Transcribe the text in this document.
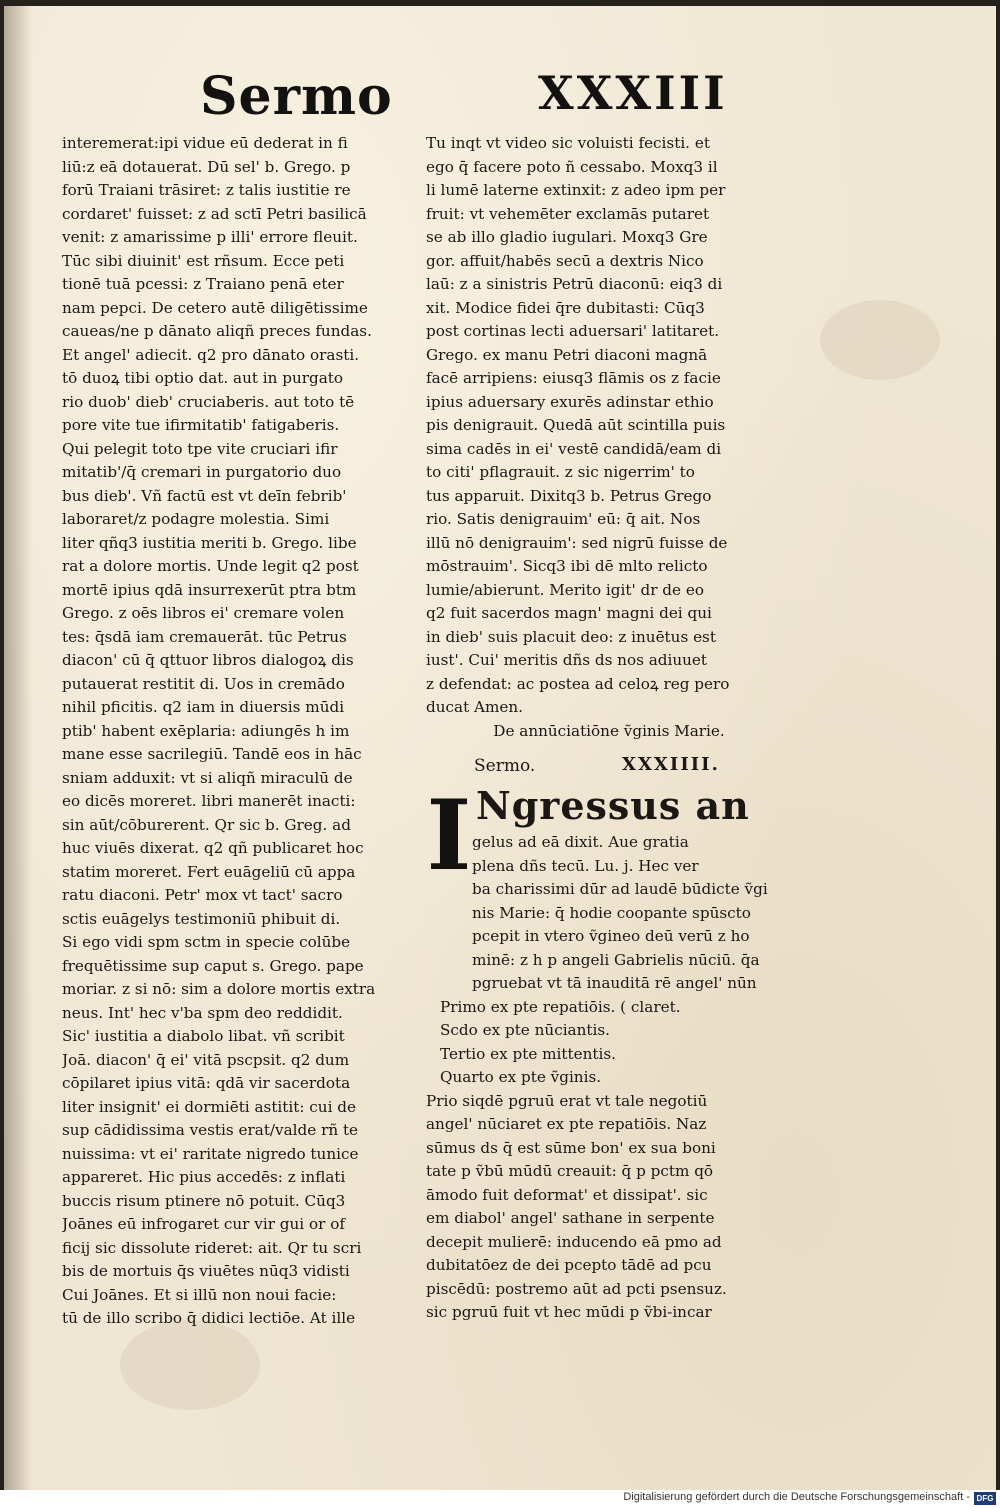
Sermo	XXXIII
interemerat:ipi vidue eū dederat in fi
liū:z eā dotauerat. Dū sel' b. Grego. p
forū Traiani trāsiret: z talis iustitie re
cordaret' fuisset: z ad sctī Petri basilicā
venit: z amarissime p illi' errore fleuit.
Tūc sibi diuinit' est rñsum. Ecce peti
tionē tuā pcessi: z Traiano penā eter
nam pepci. De cetero autē diligētissime
caueas/ne p dānato aliqñ preces fundas.
Et angel' adiecit. q2 pro dānato orasti.
tō duoꝝ tibi optio dat. aut in purgato
rio duob' dieb' cruciaberis. aut toto tē
pore vite tue ifirmitatib' fatigaberis.
Qui pelegit toto tpe vite cruciari ifir
mitatib'/q̄ cremari in purgatorio duo
bus dieb'. Vñ factū est vt deīn febrib'
laboraret/z podagre molestia. Simi
liter qñq3 iustitia meriti b. Grego. libe
rat a dolore mortis. Unde legit q2 post
mortē ipius qdā insurrexerūt ptra btm
Grego. z oēs libros ei' cremare volen
tes: q̄sdā iam cremauerāt. tūc Petrus
diacon' cū q̄ qttuor libros dialogoꝝ dis
putauerat restitit di. Uos in cremādo
nihil pficitis. q2 iam in diuersis mūdi
ptib' habent exēplaria: adiungēs h im
mane esse sacrilegiū. Tandē eos in hāc
sniam adduxit: vt si aliqñ miraculū de
eo dicēs moreret. libri manerēt inacti:
sin aūt/cōburerent. Qr sic b. Greg. ad
huc viuēs dixerat. q2 qñ publicaret hoc
statim moreret. Fert euāgeliū cū appa
ratu diaconi. Petr' mox vt tact' sacro
sctis euāgelys testimoniū phibuit di.
Si ego vidi spm sctm in specie colūbe
frequētissime sup caput s. Grego. pape
moriar. z si nō: sim a dolore mortis extra
neus. Int' hec v'ba spm deo reddidit.
Sic' iustitia a diabolo libat. vñ scribit
Joā. diacon' q̄ ei' vitā pscpsit. q2 dum
cōpilaret ipius vitā: qdā vir sacerdota
liter insignit' ei dormiēti astitit: cui de
sup cādidissima vestis erat/valde rñ te
nuissima: vt ei' raritate nigredo tunice
appareret. Hic pius accedēs: z inflati
buccis risum ptinere nō potuit. Cūq3
Joānes eū infrogaret cur vir gui or of
ficij sic dissolute rideret: ait. Qr tu scri
bis de mortuis q̄s viuētes nūq3 vidisti
Cui Joānes. Et si illū non noui facie:
tū de illo scribo q̄ didici lectiōe. At ille
Tu inqt vt video sic voluisti fecisti. et
ego q̄ facere poto ñ cessabo. Moxq3 il
li lumē laterne extinxit: z adeo ipm per
fruit: vt vehemēter exclamās putaret
se ab illo gladio iugulari. Moxq3 Gre
gor. affuit/habēs secū a dextris Nico
laū: z a sinistris Petrū diaconū: eiq3 di
xit. Modice fidei q̄re dubitasti: Cūq3
post cortinas lecti aduersari' latitaret.
Grego. ex manu Petri diaconi magnā
facē arripiens: eiusq3 flāmis os z facie
ipius aduersary exurēs adinstar ethio
pis denigrauit. Quedā aūt scintilla puis
sima cadēs in ei' vestē candidā/eam di
to citi' pflagrauit. z sic nigerrim' to
tus apparuit. Dixitq3 b. Petrus Grego
rio. Satis denigrauim' eū: q̄ ait. Nos
illū nō denigrauim': sed nigrū fuisse de
mōstrauim'. Sicq3 ibi dē mlto relicto
lumie/abierunt. Merito igit' dr de eo
q2 fuit sacerdos magn' magni dei qui
in dieb' suis placuit deo: z inuētus est
iust'. Cui' meritis dñs ds nos adiuuet
z defendat: ac postea ad celoꝝ reg pero
ducat Amen.
De annūciatiōne ṽginis Marie.
Sermo.	XXXIIII.
I Ngressus an
gelus ad eā dixit. Aue gratia
plena dñs tecū. Lu. j. Hec ver
ba charissimi dūr ad laudē būdicte ṽgi
nis Marie: q̄ hodie coopante spūscto
pcepit in vtero ṽgineo deū verū z ho
minē: z h p angeli Gabrielis nūciū. q̄a
pgruebat vt tā inauditā rē angel' nūn
Primo ex pte repatiōis. ( claret.
Scdo ex pte nūciantis.
Tertio ex pte mittentis.
Quarto ex pte ṽginis.
Prio siqdē pgruū erat vt tale negotiū
angel' nūciaret ex pte repatiōis. Naz
sūmus ds q̄ est sūme bon' ex sua boni
tate p ṽbū mūdū creauit: q̄ p pctm qō
āmodo fuit deformat' et dissipat'. sic
em diabol' angel' sathane in serpente
decepit mulierē: inducendo eā pmo ad
dubitatōez de dei pcepto tādē ad pcu
piscēdū: postremo aūt ad pcti psensuz.
sic pgruū fuit vt hec mūdi p ṽbi-incar
Digitalisierung gefördert durch die Deutsche Forschungsgemeinschaft - DFG
